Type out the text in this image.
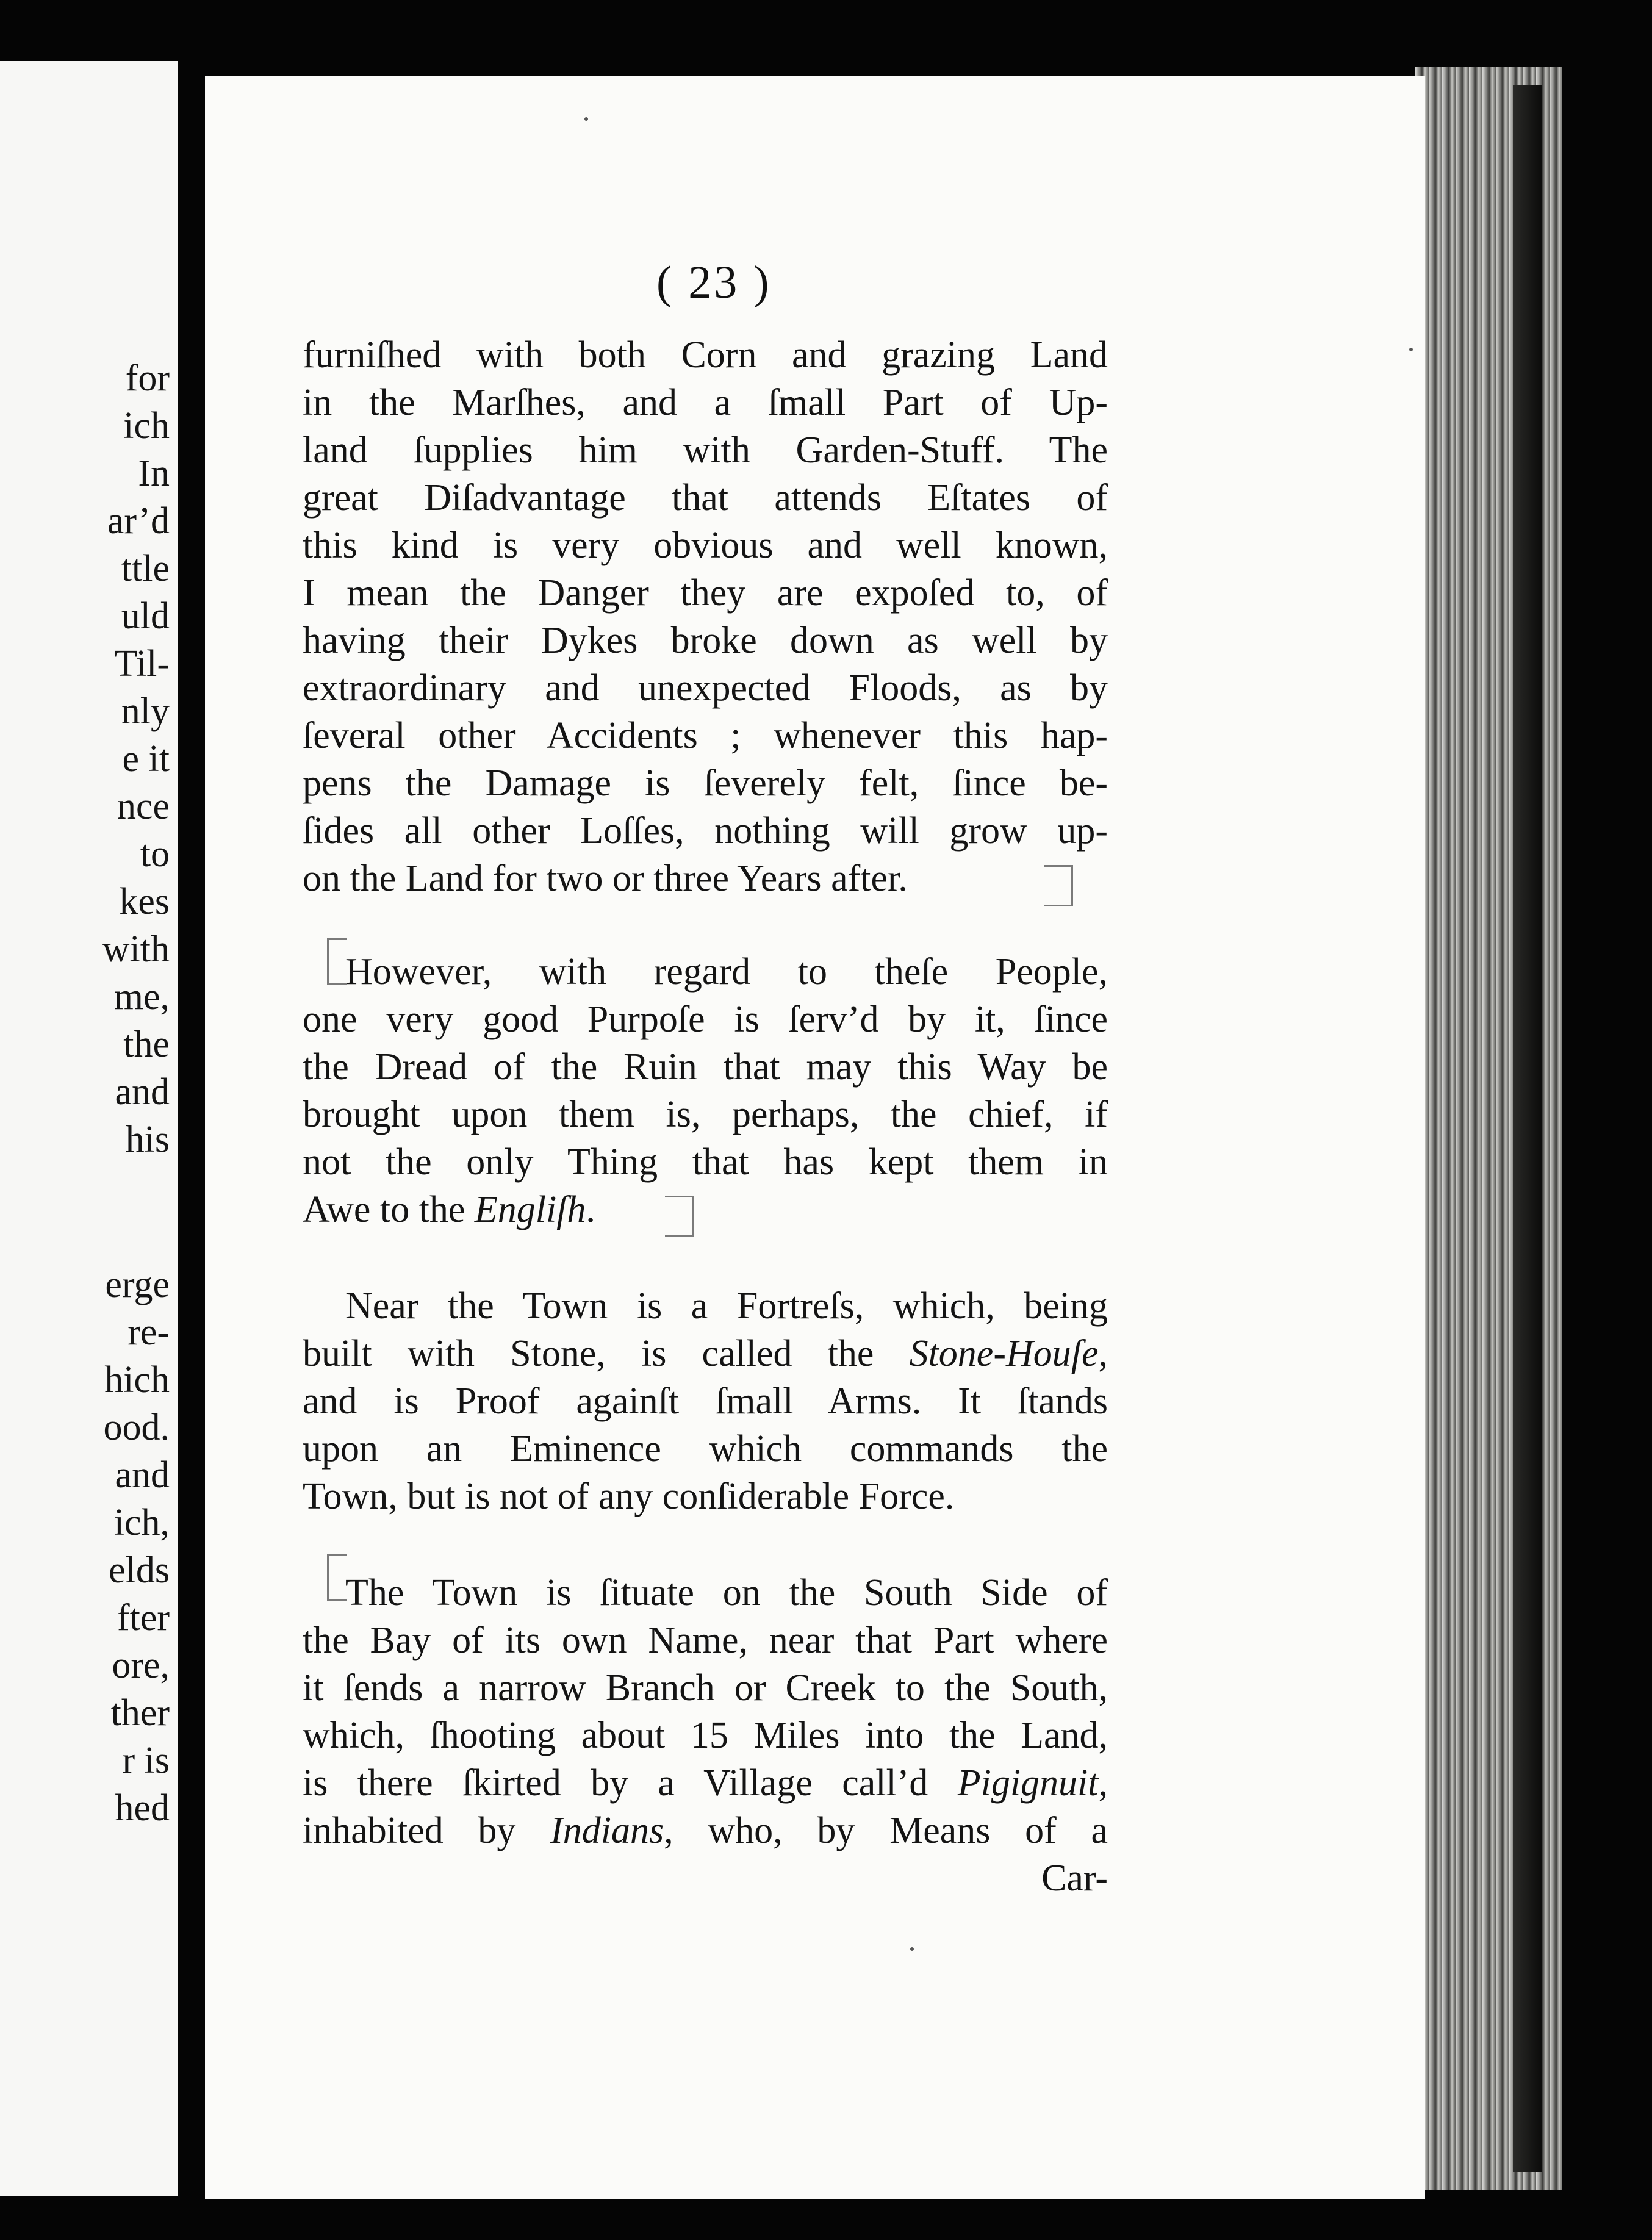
for
ich
In
ar’d
ttle
uld
Til-
nly
e it
nce
to
kes
with
me,
the
and
his
erge
re-
hich
ood.
and
ich,
elds
fter
ore,
ther
r is
hed
( 23 )
furniſhed with both Corn and grazing Land
in the Marſhes, and a ſmall Part of Up-
land ſupplies him with Garden-Stuff. The
great Diſadvantage that attends Eſtates of
this kind is very obvious and well known,
I mean the Danger they are expoſed to, of
having their Dykes broke down as well by
extraordinary and unexpected Floods, as by
ſeveral other Accidents ; whenever this hap-
pens the Damage is ſeverely felt, ſince be-
ſides all other Loſſes, nothing will grow up-
on the Land for two or three Years after.
However, with regard to theſe People,
one very good Purpoſe is ſerv’d by it, ſince
the Dread of the Ruin that may this Way be
brought upon them is, perhaps, the chief, if
not the only Thing that has kept them in
Awe to the Engliſh.
Near the Town is a Fortreſs, which, being
built with Stone, is called the Stone-Houſe,
and is Proof againſt ſmall Arms. It ſtands
upon an Eminence which commands the
Town, but is not of any conſiderable Force.
The Town is ſituate on the South Side of
the Bay of its own Name, near that Part where
it ſends a narrow Branch or Creek to the South,
which, ſhooting about 15 Miles into the Land,
is there ſkirted by a Village call’d Pigignuit,
inhabited by Indians, who, by Means of a
Car-
